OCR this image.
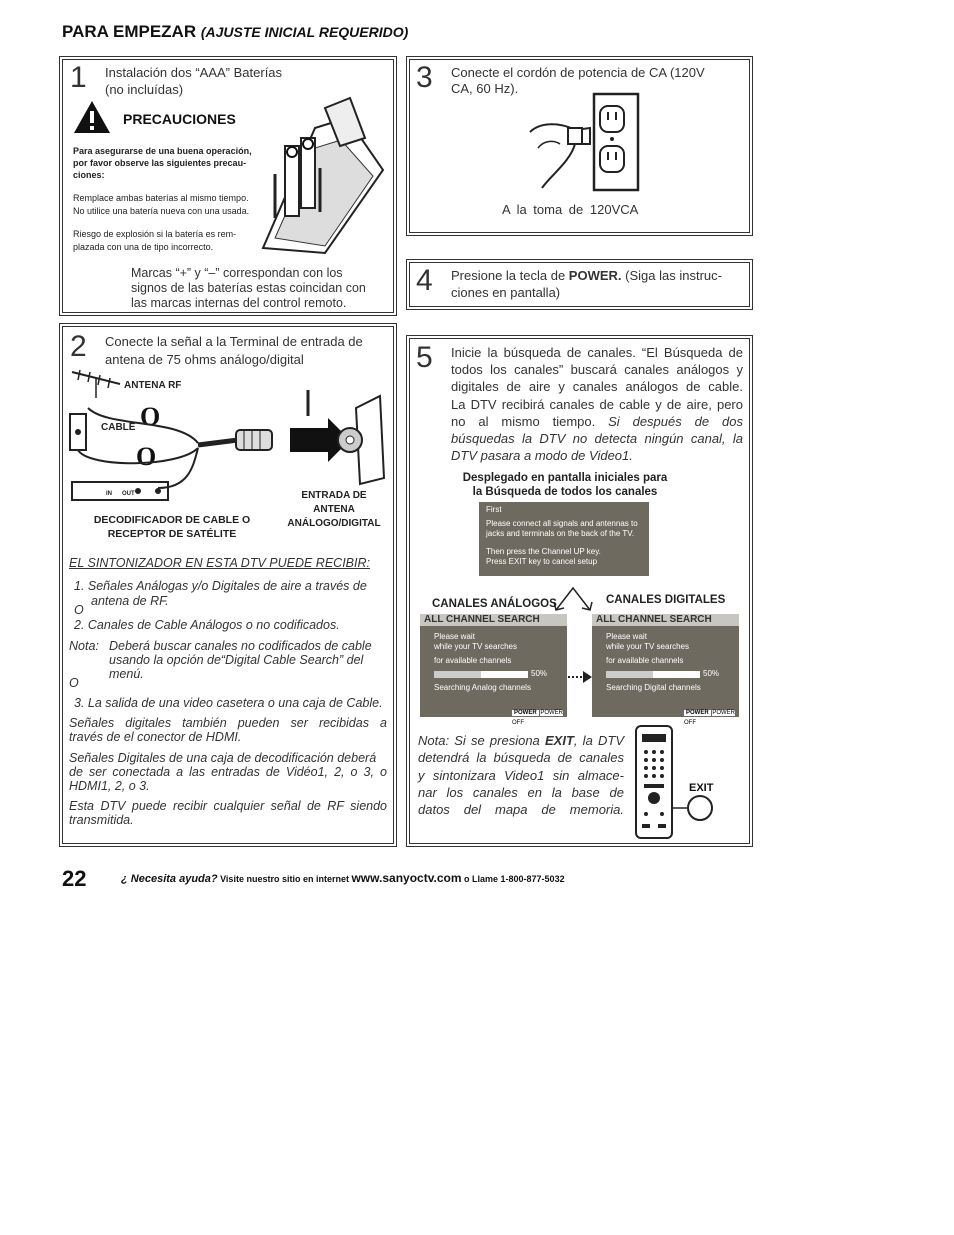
PARA EMPEZAR (AJUSTE INICIAL REQUERIDO)
1 Instalación dos “AAA” Baterías
(no incluídas)
PRECAUCIONES
Para asegurarse de una buena operación,
por favor observe las siguientes precau-
ciones:
Remplace ambas baterías al mismo tiempo.
No utilice una batería nueva con una usada.
Riesgo de explosión si la batería es rem-
plazada con una de tipo incorrecto.
Marcas “+” y “–” correspondan con los
signos de las baterías estas coincidan con
las marcas internas del control remoto.
2 Conecte la señal a la Terminal de entrada de
antena de 75 ohms análogo/digital
ANTENA RF
CABLE O
O
IN OUT	ENTRADA DE
ANTENA
ANÁLOGO/DIGITAL
DECODIFICADOR DE CABLE O
RECEPTOR DE SATÉLITE
EL SINTONIZADOR EN ESTA DTV PUEDE RECIBIR:
1. Señales Análogas y/o Digitales de aire a través de
antena de RF.
O
2. Canales de Cable Análogos o no codificados.
Nota: Deberá buscar canales no codificados de cable
usando la opción de“Digital Cable Search” del
menú.
O
3. La salida de una video casetera o una caja de Cable.
Señales digitales también pueden ser recibidas a
través de el conector de HDMI.
Señales Digitales de una caja de decodificación deberá
de ser conectada a las entradas de Vidéo1, 2, o 3, o
HDMI1, 2, o 3.
Esta DTV puede recibir cualquier señal de RF siendo
transmitida.
3 Conecte el cordón de potencia de CA (120V
CA, 60 Hz).
A la toma de 120VCA
4 Presione la tecla de POWER. (Siga las instruc-
ciones en pantalla)
5 Inicie la búsqueda de canales. “El Búsqueda de
todos los canales” buscará canales análogos y
digitales de aire y canales análogos de cable.
La DTV recibirá canales de cable y de aire, pero
no al mismo tiempo. Si después de dos
búsquedas la DTV no detecta ningún canal, la
DTV pasara a modo de Video1.
Desplegado en pantalla iniciales para
la Búsqueda de todos los canales
First
Please connect all signals and antennas to
jacks and terminals on the back of the TV.
Then press the Channel UP key.
Press EXIT key to cancel setup
CANALES ANÁLOGOS	CANALES DIGITALES
ALL CHANNEL SEARCH
Please wait
while your TV searches
for available channels
50%
Searching Analog channels
POWER POWER OFF
ALL CHANNEL SEARCH
Please wait
while your TV searches
for available channels
50%
Searching Digital channels
POWER POWER OFF
Nota: Si se presiona EXIT, la DTV
detendrá la búsqueda de canales
y sintonizara Video1 sin almace-
nar los canales en la base de
datos del mapa de memoria.
EXIT
22	¿ Necesita ayuda? Visite nuestro sitio en internet www.sanyoctv.com o Llame 1-800-877-5032
